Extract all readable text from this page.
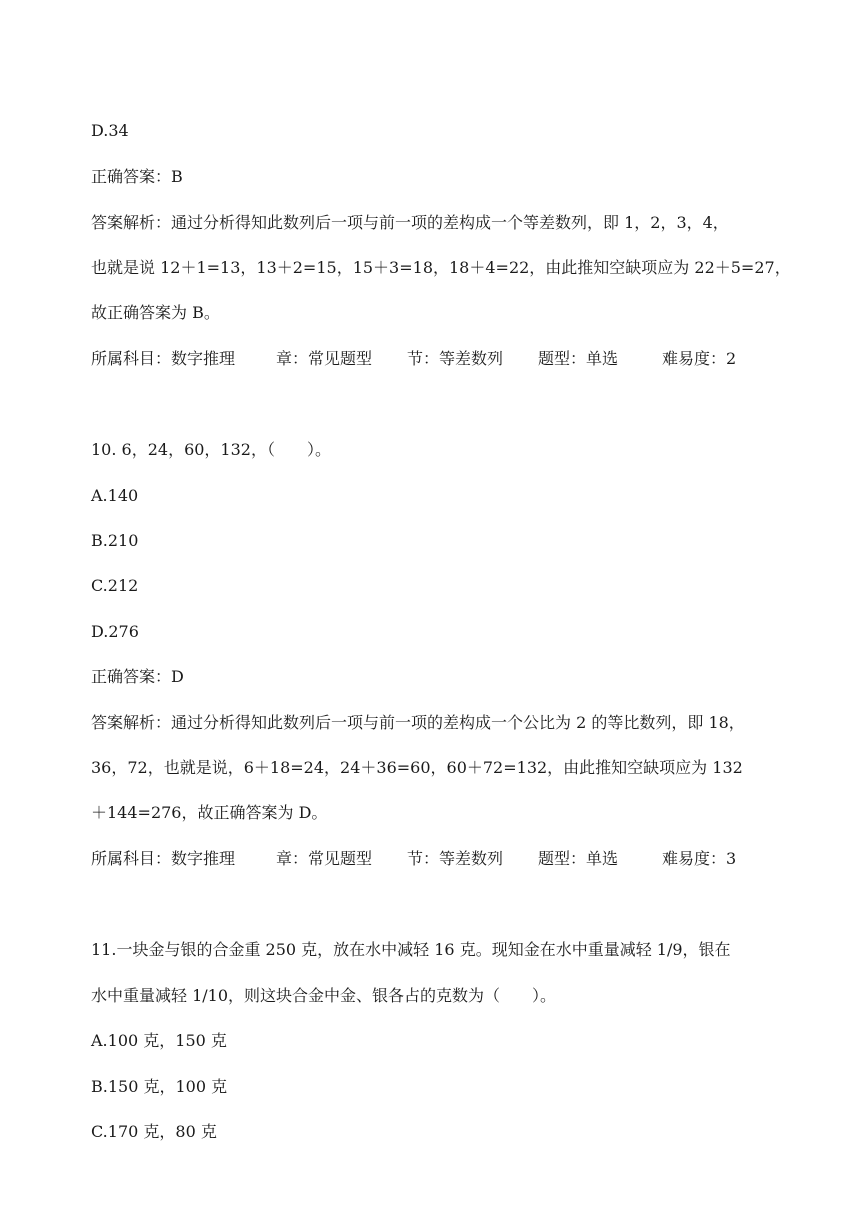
D.34
正确答案：B
答案解析：通过分析得知此数列后一项与前一项的差构成一个等差数列，即 1，2，3，4，
也就是说 12＋1=13，13＋2=15，15＋3=18，18＋4=22，由此推知空缺项应为 22＋5=27，
故正确答案为 B。
所属科目：数字推理	章：常见题型	节：等差数列	题型：单选	难易度：2
10. 6，24，60，132，（　　）。
A.140
B.210
C.212
D.276
正确答案：D
答案解析：通过分析得知此数列后一项与前一项的差构成一个公比为 2 的等比数列，即 18，
36，72，也就是说，6＋18=24，24＋36=60，60＋72=132，由此推知空缺项应为 132
＋144=276，故正确答案为 D。
所属科目：数字推理	章：常见题型	节：等差数列	题型：单选	难易度：3
11.一块金与银的合金重 250 克，放在水中减轻 16 克。现知金在水中重量减轻 1/9，银在
水中重量减轻 1/10，则这块合金中金、银各占的克数为（　　）。
A.100 克，150 克
B.150 克，100 克
C.170 克，80 克
